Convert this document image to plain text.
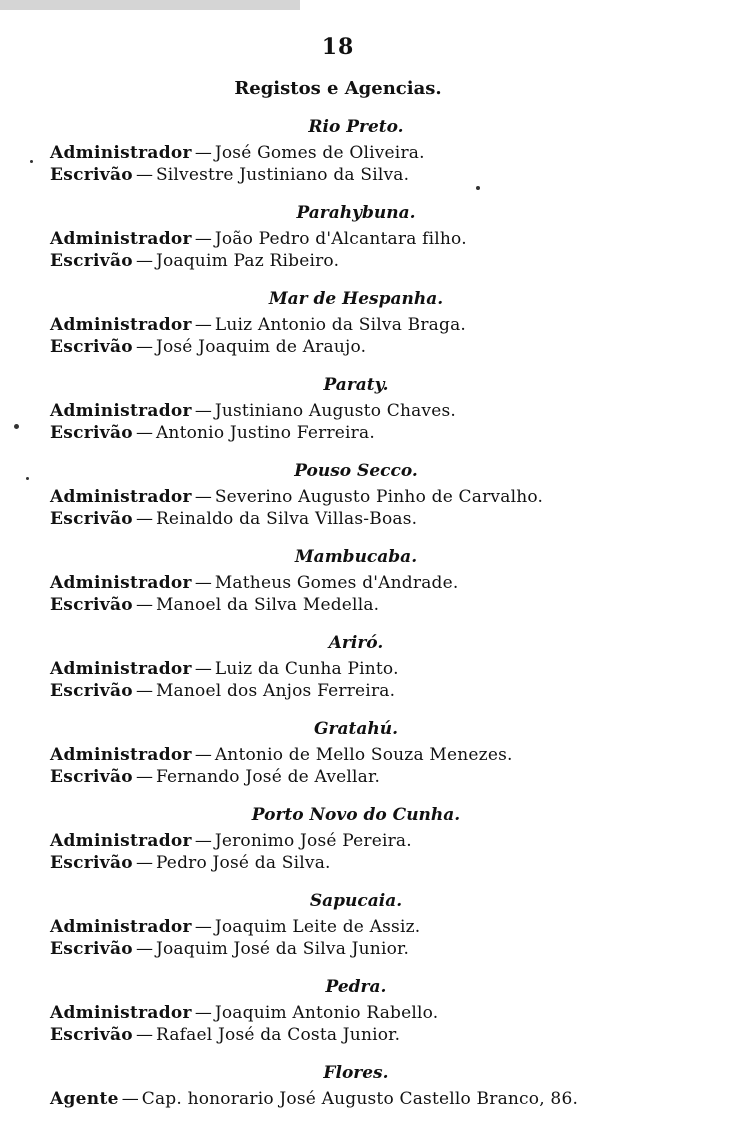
18
Registos e Agencias.
Rio Preto.
Administrador — José Gomes de Oliveira.
Escrivão — Silvestre Justiniano da Silva.
Parahybuna.
Administrador — João Pedro d'Alcantara filho.
Escrivão — Joaquim Paz Ribeiro.
Mar de Hespanha.
Administrador — Luiz Antonio da Silva Braga.
Escrivão — José Joaquim de Araujo.
Paraty.
Administrador — Justiniano Augusto Chaves.
Escrivão — Antonio Justino Ferreira.
Pouso Secco.
Administrador — Severino Augusto Pinho de Carvalho.
Escrivão — Reinaldo da Silva Villas-Boas.
Mambucaba.
Administrador — Matheus Gomes d'Andrade.
Escrivão — Manoel da Silva Medella.
Ariró.
Administrador — Luiz da Cunha Pinto.
Escrivão — Manoel dos Anjos Ferreira.
Gratahú.
Administrador — Antonio de Mello Souza Menezes.
Escrivão — Fernando José de Avellar.
Porto Novo do Cunha.
Administrador — Jeronimo José Pereira.
Escrivão — Pedro José da Silva.
Sapucaia.
Administrador — Joaquim Leite de Assiz.
Escrivão — Joaquim José da Silva Junior.
Pedra.
Administrador — Joaquim Antonio Rabello.
Escrivão — Rafael José da Costa Junior.
Flores.
Agente — Cap. honorario José Augusto Castello Branco, 86.
